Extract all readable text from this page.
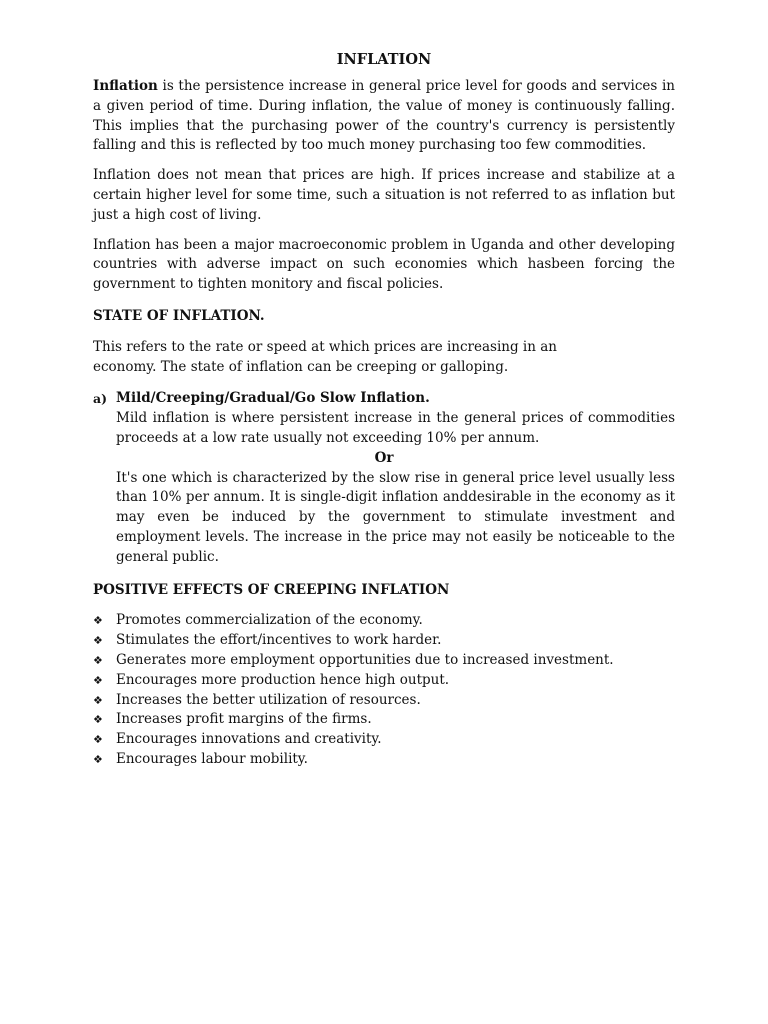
INFLATION

Inflation is the persistence increase in general price level for goods and services in a given period of time. During inflation, the value of money is continuously falling. This implies that the purchasing power of the country's currency is persistently falling and this is reflected by too much money purchasing too few commodities.

Inflation does not mean that prices are high. If prices increase and stabilize at a certain higher level for some time, such a situation is not referred to as inflation but just a high cost of living.

Inflation has been a major macroeconomic problem in Uganda and other developing countries with adverse impact on such economies which hasbeen forcing the government to tighten monitory and fiscal policies.

STATE OF INFLATION.

This refers to the rate or speed at which prices are increasing in an economy. The state of inflation can be creeping or galloping.

a) Mild/Creeping/Gradual/Go Slow Inflation.

Mild inflation is where persistent increase in the general prices of commodities proceeds at a low rate usually not exceeding 10% per annum.

Or

It's one which is characterized by the slow rise in general price level usually less than 10% per annum. It is single-digit inflation anddesirable in the economy as it may even be induced by the government to stimulate investment and employment levels. The increase in the price may not easily be noticeable to the general public.

POSITIVE EFFECTS OF CREEPING INFLATION
❖ Promotes commercialization of the economy.
❖ Stimulates the effort/incentives to work harder.
❖ Generates more employment opportunities due to increased investment.
❖ Encourages more production hence high output.
❖ Increases the better utilization of resources.
❖ Increases profit margins of the firms.
❖ Encourages innovations and creativity.
❖ Encourages labour mobility.
